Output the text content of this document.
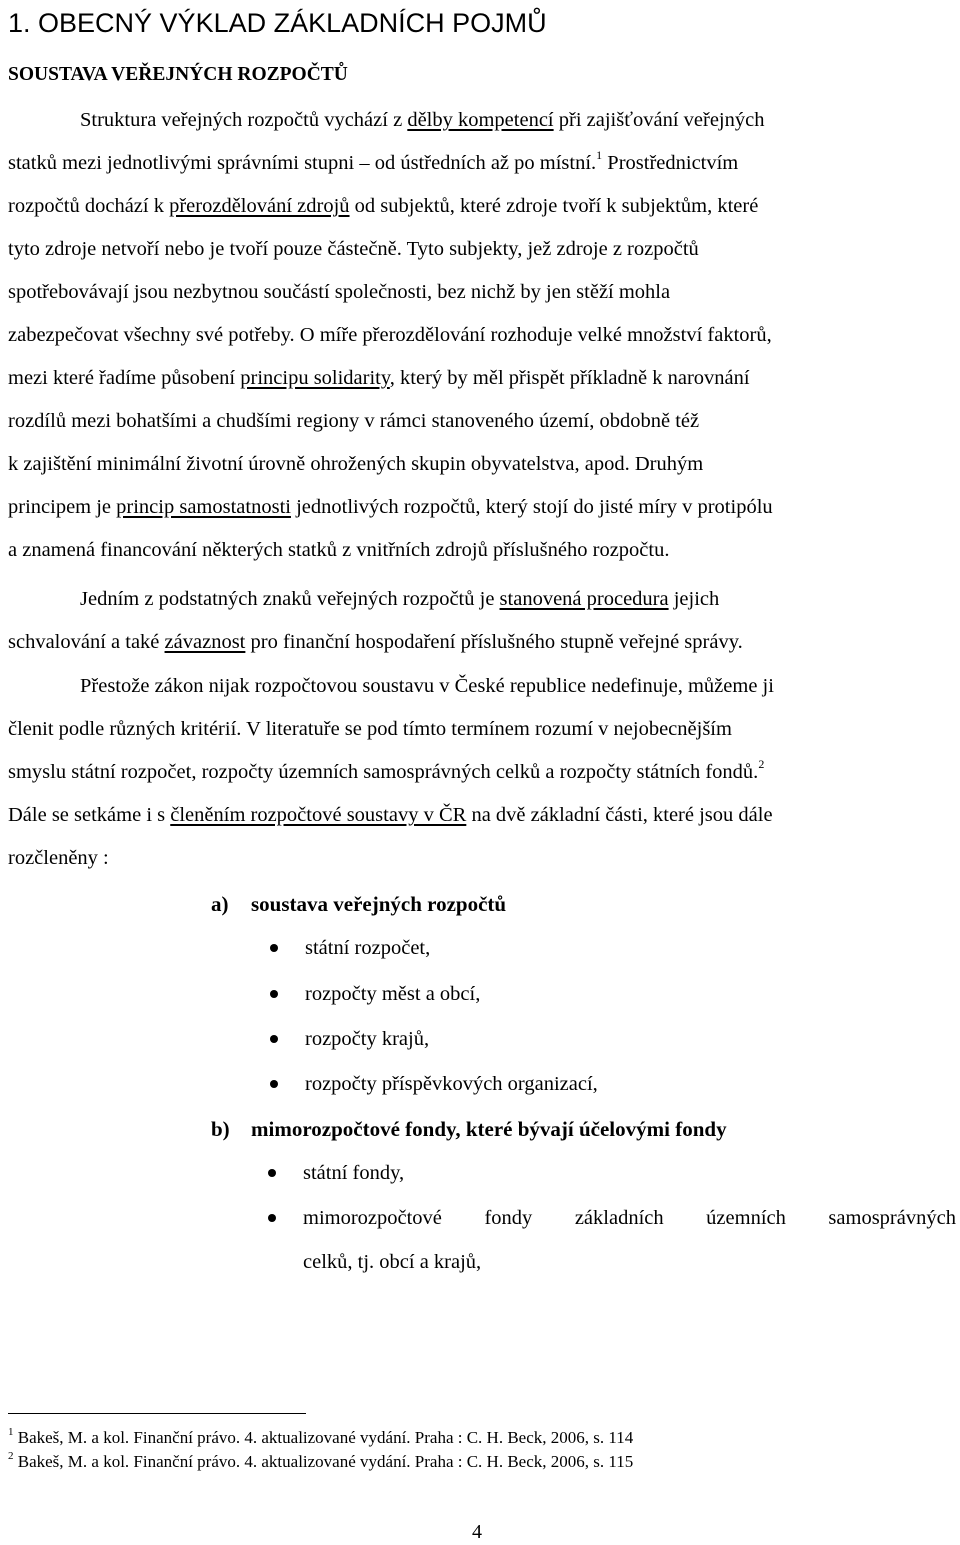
1. OBECNÝ VÝKLAD ZÁKLADNÍCH POJMŮ
SOUSTAVA VEŘEJNÝCH ROZPOČTŮ
Struktura veřejných rozpočtů vychází z dělby kompetencí při zajišťování veřejných
statků mezi jednotlivými správními stupni – od ústředních až po místní.$^1$ Prostřednictvím
rozpočtů dochází k přerozdělování zdrojů od subjektů, které zdroje tvoří k subjektům, které
tyto zdroje netvoří nebo je tvoří pouze částečně. Tyto subjekty, jež zdroje z rozpočtů
spotřebovávají jsou nezbytnou součástí společnosti, bez nichž by jen stěží mohla
zabezpečovat všechny své potřeby. O míře přerozdělování rozhoduje velké množství faktorů,
mezi které řadíme působení principu solidarity, který by měl přispět příkladně k narovnání
rozdílů mezi bohatšími a chudšími regiony v rámci stanoveného území, obdobně též
k zajištění minimální životní úrovně ohrožených skupin obyvatelstva, apod. Druhým
principem je princip samostatnosti jednotlivých rozpočtů, který stojí do jisté míry v protipólu
a znamená financování některých statků z vnitřních zdrojů příslušného rozpočtu.
Jedním z podstatných znaků veřejných rozpočtů je stanovená procedura jejich
schvalování a také závaznost pro finanční hospodaření příslušného stupně veřejné správy.
Přestože zákon nijak rozpočtovou soustavu v České republice nedefinuje, můžeme ji
členit podle různých kritérií. V literatuře se pod tímto termínem rozumí v nejobecnějším
smyslu státní rozpočet, rozpočty územních samosprávných celků a rozpočty státních fondů.$^2$
Dále se setkáme i s členěním rozpočtové soustavy v ČR na dvě základní části, které jsou dále
rozčleněny :
a) soustava veřejných rozpočtů
státní rozpočet,
rozpočty měst a obcí,
rozpočty krajů,
rozpočty příspěvkových organizací,
b) mimorozpočtové fondy, které bývají účelovými fondy
státní fondy,
mimorozpočtové fondy základních územních samosprávných
celků, tj. obcí a krajů,
$^1$ Bakeš, M. a kol. Finanční právo. 4. aktualizované vydání. Praha : C. H. Beck, 2006, s. 114
$^2$ Bakeš, M. a kol. Finanční právo. 4. aktualizované vydání. Praha : C. H. Beck, 2006, s. 115
4
